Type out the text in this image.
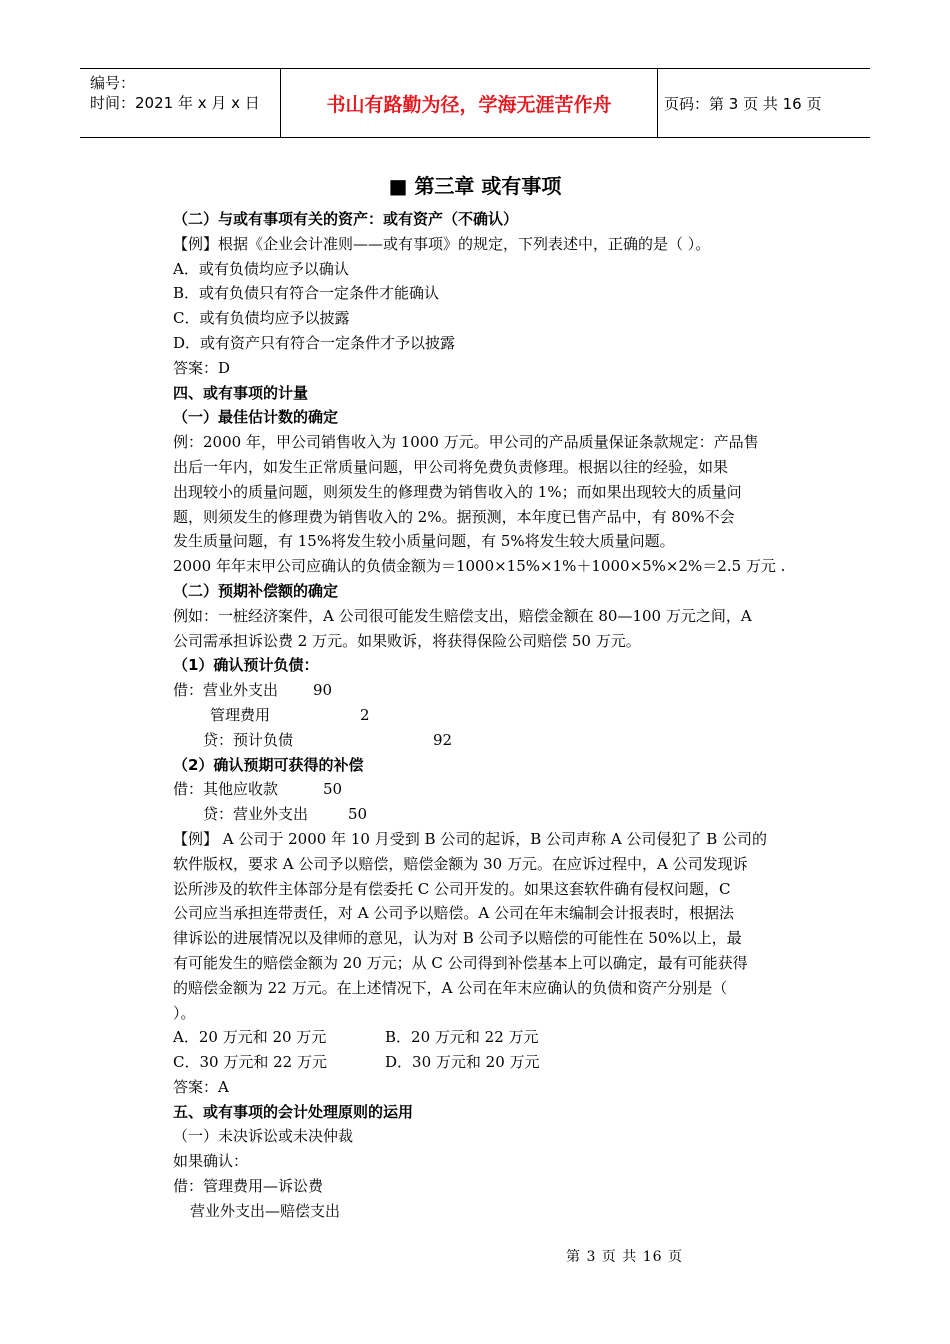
编号：
时间：2021 年 x 月 x 日	书山有路勤为径，学海无涯苦作舟	页码：第 3 页 共 16 页
■ 第三章 或有事项
（二）与或有事项有关的资产：或有资产（不确认）
【例】根据《企业会计准则——或有事项》的规定，下列表述中，正确的是（ ）。
A．或有负债均应予以确认
B．或有负债只有符合一定条件才能确认
C．或有负债均应予以披露
D．或有资产只有符合一定条件才予以披露
答案：D
四、或有事项的计量
（一）最佳估计数的确定
例：2000 年，甲公司销售收入为 1000 万元。甲公司的产品质量保证条款规定：产品售
出后一年内，如发生正常质量问题，甲公司将免费负责修理。根据以往的经验，如果
出现较小的质量问题，则须发生的修理费为销售收入的 1%；而如果出现较大的质量问
题，则须发生的修理费为销售收入的 2%。据预测，本年度已售产品中，有 80%不会
发生质量问题，有 15%将发生较小质量问题，有 5%将发生较大质量问题。
2000 年年末甲公司应确认的负债金额为＝1000×15%×1%＋1000×5%×2%＝2.5 万元 .
（二）预期补偿额的确定
例如：一桩经济案件，A 公司很可能发生赔偿支出，赔偿金额在 80—100 万元之间，A
公司需承担诉讼费 2 万元。如果败诉，将获得保险公司赔偿 50 万元。
（1）确认预计负债：
借：营业外支出 90
管理费用	2
贷：预计负债	92
（2）确认预期可获得的补偿
借：其他应收款	50
贷：营业外支出	50
【例】 A 公司于 2000 年 10 月受到 B 公司的起诉，B 公司声称 A 公司侵犯了 B 公司的
软件版权，要求 A 公司予以赔偿，赔偿金额为 30 万元。在应诉过程中，A 公司发现诉
讼所涉及的软件主体部分是有偿委托 C 公司开发的。如果这套软件确有侵权问题，C
公司应当承担连带责任，对 A 公司予以赔偿。A 公司在年末编制会计报表时，根据法
律诉讼的进展情况以及律师的意见，认为对 B 公司予以赔偿的可能性在 50%以上，最
有可能发生的赔偿金额为 20 万元；从 C 公司得到补偿基本上可以确定，最有可能获得
的赔偿金额为 22 万元。在上述情况下，A 公司在年末应确认的负债和资产分别是（
）。
A．20 万元和 20 万元	B．20 万元和 22 万元
C．30 万元和 22 万元	D．30 万元和 20 万元
答案：A
五、或有事项的会计处理原则的运用
（一）未决诉讼或未决仲裁
如果确认：
借：管理费用—诉讼费
营业外支出—赔偿支出
第 3 页 共 16 页
